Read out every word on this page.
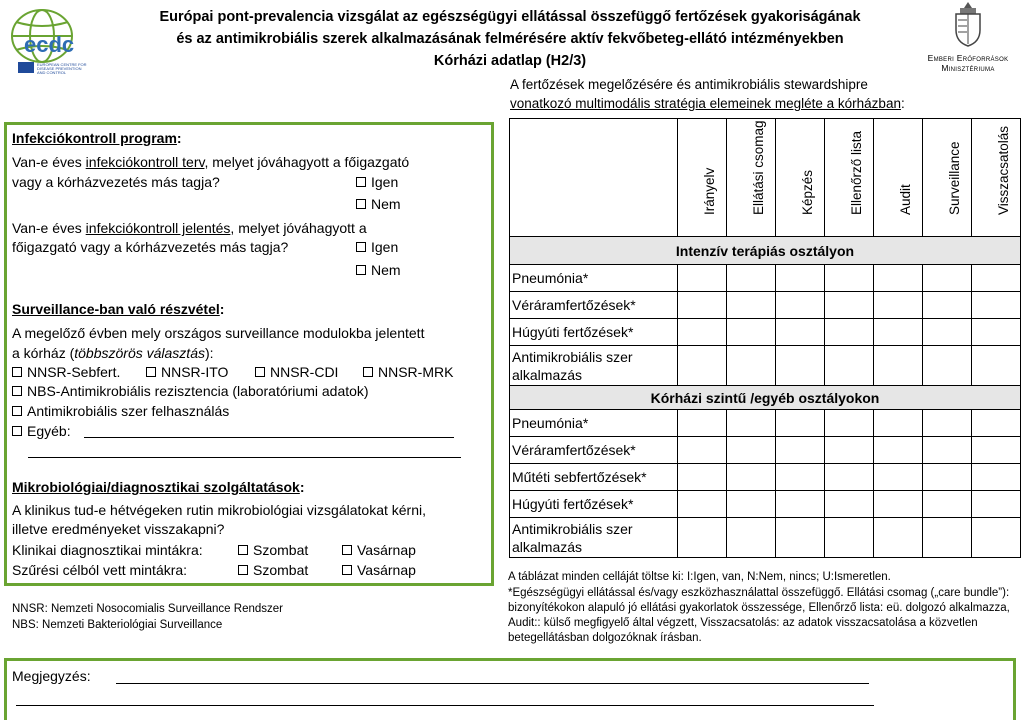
Európai pont-prevalencia vizsgálat az egészségügyi ellátással összefüggő fertőzések gyakoriságának
és az antimikrobiális szerek alkalmazásának felmérésére aktív fekvőbeteg-ellátó intézményekben
Kórházi adatlap (H2/3)
ecdc
EUROPEAN CENTRE FOR
DISEASE PREVENTION
AND CONTROL
Emberi Erőforrások
Minisztériuma
Infekciókontroll program:
Van-e éves infekciókontroll terv, melyet jóváhagyott a főigazgató
vagy a kórházvezetés más tagja?	Igen
Nem
Van-e éves infekciókontroll jelentés, melyet jóváhagyott a
főigazgató vagy a kórházvezetés más tagja?	Igen
Nem
Surveillance-ban való részvétel:
A megelőző évben mely országos surveillance modulokba jelentett
a kórház (többszörös választás):
NNSR-Sebfert.	NNSR-ITO	NNSR-CDI	NNSR-MRK
NBS-Antimikrobiális rezisztencia (laboratóriumi adatok)
Antimikrobiális szer felhasználás
Egyéb:
Mikrobiológiai/diagnosztikai szolgáltatások:
A klinikus tud-e hétvégeken rutin mikrobiológiai vizsgálatokat kérni,
illetve eredményeket visszakapni?
Klinikai diagnosztikai mintákra:	Szombat	Vasárnap
Szűrési célból vett mintákra:	Szombat	Vasárnap
NNSR: Nemzeti Nosocomialis Surveillance Rendszer
NBS: Nemzeti Bakteriológiai Surveillance
A fertőzések megelőzésére és antimikrobiális stewardshipre
vonatkozó multimodális stratégia elemeinek megléte a kórházban:

	Irányelv	Ellátási csomag	Képzés	Ellenőrző lista	Audit	Surveillance	Visszacsatolás

Intenzív terápiás osztályon							
Pneumónia*							
Véráramfertőzések*							
Húgyúti fertőzések*							
Antimikrobiális szer alkalmazás							
Kórházi szintű /egyéb osztályokon							
Pneumónia*							
Véráramfertőzések*							
Műtéti sebfertőzések*							
Húgyúti fertőzések*							
Antimikrobiális szer alkalmazás							
A táblázat minden celláját töltse ki: I:Igen, van, N:Nem, nincs; U:Ismeretlen.
*Egészségügyi ellátással és/vagy eszközhasználattal összefüggő. Ellátási csomag („care bundle”): bizonyítékokon alapuló jó ellátási gyakorlatok összessége, Ellenőrző lista: eü. dolgozó alkalmazza, Audit:: külső megfigyelő által végzett, Visszacsatolás: az adatok visszacsatolása a közvetlen betegellátásban dolgozóknak írásban.
Megjegyzés:
